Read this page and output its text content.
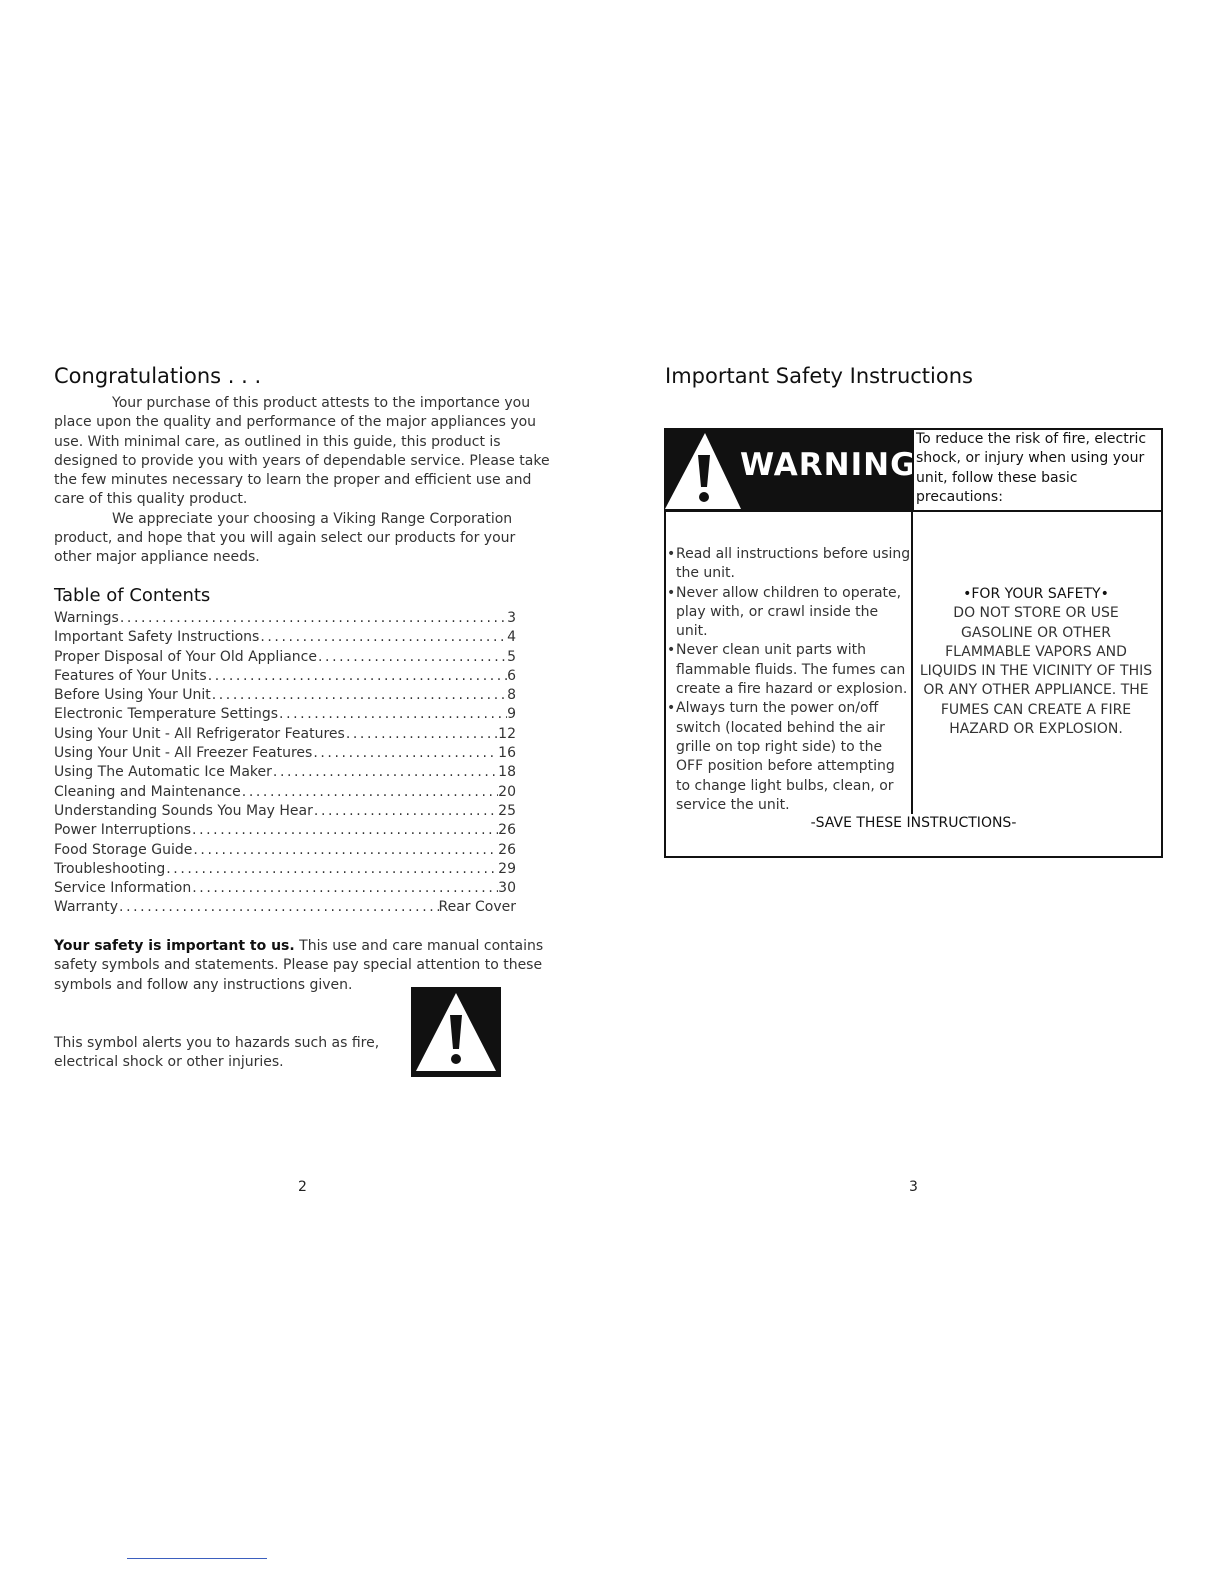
Congratulations . . .

Your purchase of this product attests to the importance you place upon the quality and performance of the major appliances you use. With minimal care, as outlined in this guide, this product is designed to provide you with years of dependable service. Please take the few minutes necessary to learn the proper and efficient use and care of this quality product.

We appreciate your choosing a Viking Range Corporation product, and hope that you will again select our products for your other major appliance needs.

Table of Contents
Warnings .....	3
Important Safety Instructions .....	4
Proper Disposal of Your Old Appliance .....	5
Features of Your Units .....	6
Before Using Your Unit .....	8
Electronic Temperature Settings .....	9
Using Your Unit - All Refrigerator Features .....	12
Using Your Unit - All Freezer Features .....	16
Using The Automatic Ice Maker .....	18
Cleaning and Maintenance .....	20
Understanding Sounds You May Hear .....	25
Power Interruptions .....	26
Food Storage Guide .....	26
Troubleshooting .....	29
Service Information .....	30
Warranty .....	Rear Cover
Your safety is important to us. This use and care manual contains safety symbols and statements. Please pay special attention to these symbols and follow any instructions given.
This symbol alerts you to hazards such as fire, electrical shock or other injuries.
2
Important Safety Instructions
WARNING
To reduce the risk of fire, electric shock, or injury when using your unit, follow these basic precautions:
• Read all instructions before using the unit.
• Never allow children to operate, play with, or crawl inside the unit.
• Never clean unit parts with flammable fluids. The fumes can create a fire hazard or explosion.
• Always turn the power on/off switch (located behind the air grille on top right side) to the OFF position before attempting to change light bulbs, clean, or service the unit.
•FOR YOUR SAFETY•
DO NOT STORE OR USE GASOLINE OR OTHER FLAMMABLE VAPORS AND LIQUIDS IN THE VICINITY OF THIS OR ANY OTHER APPLIANCE. THE FUMES CAN CREATE A FIRE HAZARD OR EXPLOSION.
-SAVE THESE INSTRUCTIONS-
3
